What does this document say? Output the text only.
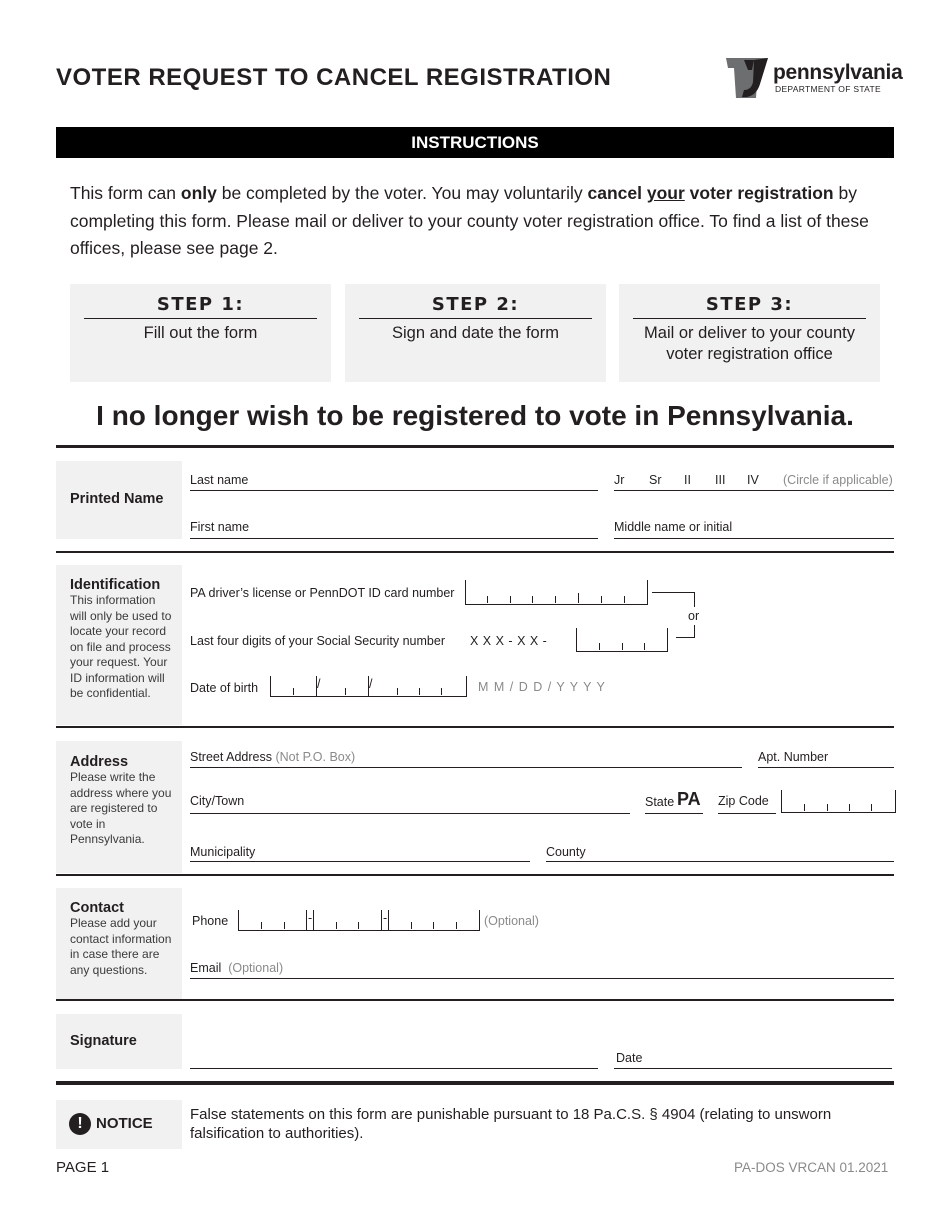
VOTER REQUEST TO CANCEL REGISTRATION	pennsylvania
DEPARTMENT OF STATE
INSTRUCTIONS
This form can only be completed by the voter. You may voluntarily cancel your voter registration by completing this form. Please mail or deliver to your county voter registration office. To find a list of these offices, please see page 2.
STEP 1:
Fill out the form
STEP 2:
Sign and date the form
STEP 3:
Mail or deliver to your county voter registration office
I no longer wish to be registered to vote in Pennsylvania.
Printed Name
Last name	Jr Sr II III IV (Circle if applicable)
First name	Middle name or initial
Identification
This information will only be used to locate your record on file and process your request. Your ID information will be confidential.
PA driver’s license or PennDOT ID card number
or
Last four digits of your Social Security number X X X - X X -
Date of birth	/	/	M M / D D / Y Y Y Y
Address
Please write the address where you are registered to vote in Pennsylvania.
Street Address (Not P.O. Box)	Apt. Number
City/Town	State PA Zip Code
Municipality	County
Contact
Please add your contact information in case there are any questions.
Phone	-	-	(Optional)
Email (Optional)
Signature
Date
! NOTICE
False statements on this form are punishable pursuant to 18 Pa.C.S. § 4904 (relating to unsworn falsification to authorities).
PAGE 1	PA-DOS VRCAN 01.2021
